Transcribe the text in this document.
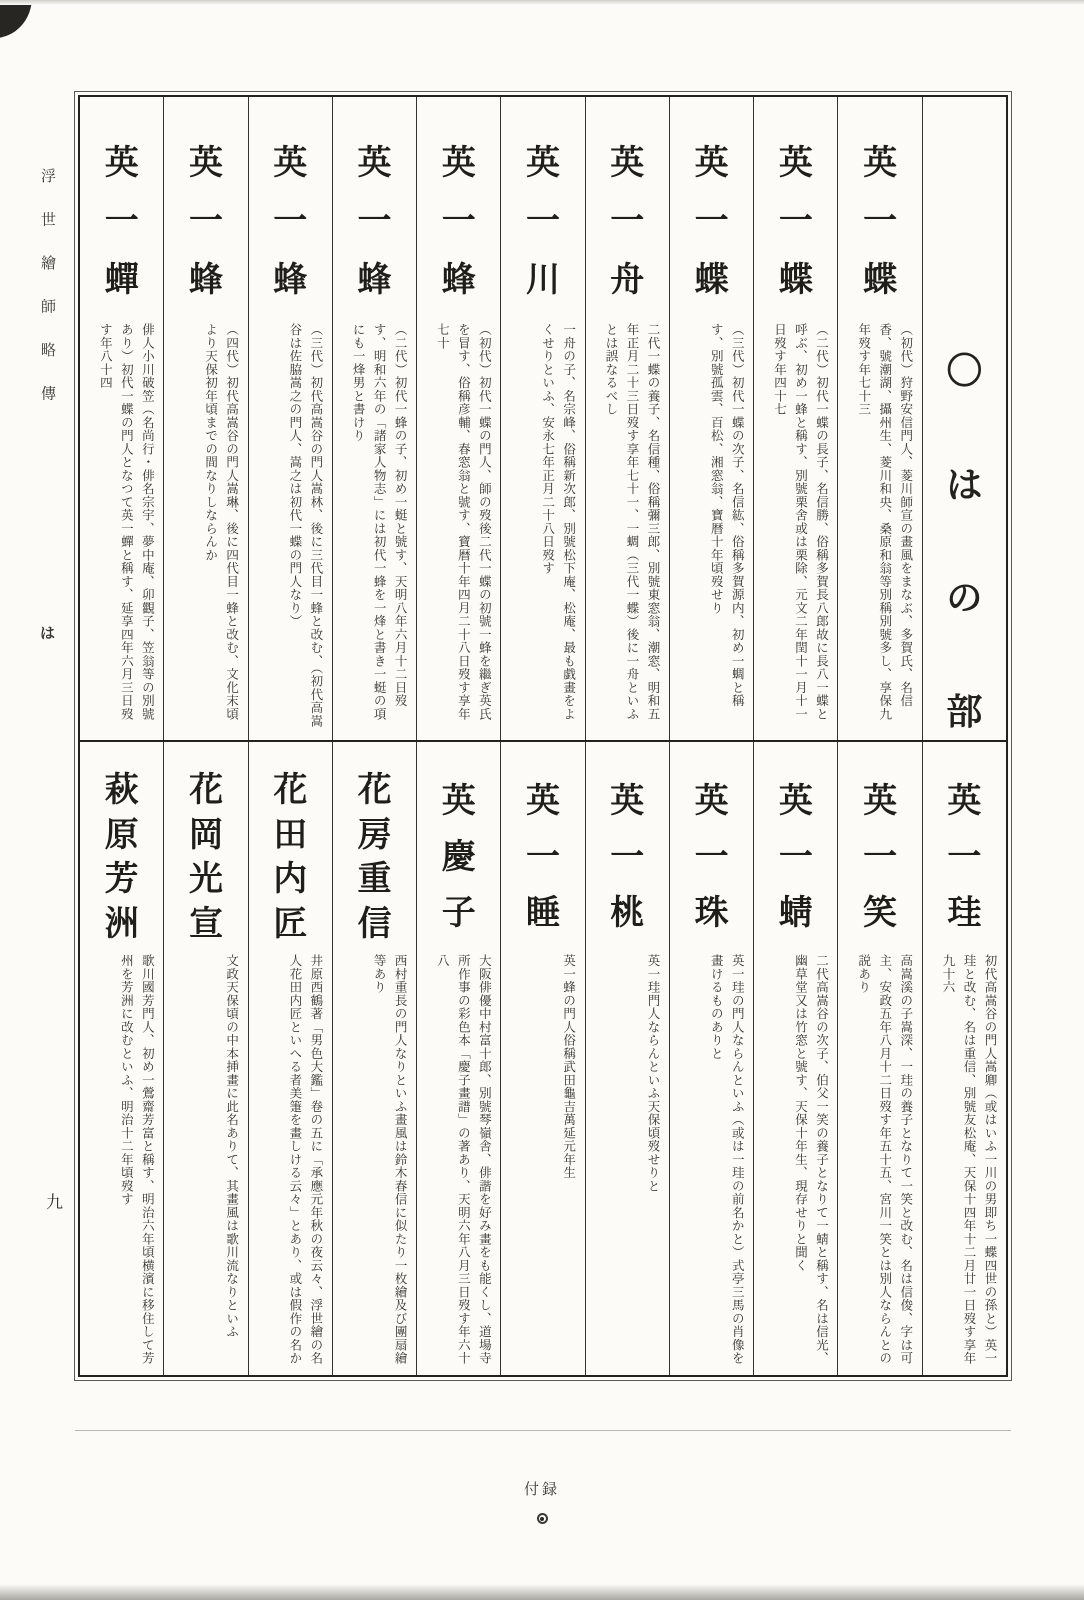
浮世繪師略傳
は
九
〇
は
の
部
英
一
蝶
（初代）狩野安信門人、菱川師宣の畫風をまなぶ、多賀氏、名信香、號潮湖、攝州生、菱川和央、桑原和翁等別稱別號多し、享保九年歿す年七十三
英
一
蝶
（二代）初代一蝶の長子、名信勝、俗稱多賀長八郎故に長八一蝶と呼ぶ、初め一蜂と稱す、別號栗舍或は栗除、元文二年閏十一月十一日歿す年四十七
英
一
蝶
（三代）初代一蝶の次子、名信紘、俗稱多賀源内、初め一蜩と稱す、別號孤雲、百松、湘窓翁、寶暦十年頃歿せり
英
一
舟
二代一蝶の養子、名信種、俗稱彌三郎、別號東窓翁、潮窓、明和五年正月二十三日歿す享年七十一、一蜩（三代一蝶）後に一舟といふとは誤なるべし
英
一
川
一舟の子、名宗峰、俗稱新次郎、別號松下庵、松庵、最も戯畫をよくせりといふ、安永七年正月二十八日歿す
英
一
蜂
（初代）初代一蝶の門人、師の歿後二代一蝶の初號一蜂を繼ぎ英氏を冒す、俗稱彦輔、春窓翁と號す、寶暦十年四月二十八日歿す享年七十
英
一
蜂
（二代）初代一蜂の子、初め一蜓と號す、天明八年六月十二日歿す、明和六年の「諸家人物志」には初代一蜂を一烽と書き一蜓の項にも一烽男と書けり
英
一
蜂
（三代）初代高嵩谷の門人嵩林、後に三代目一蜂と改む、（初代高嵩谷は佐脇嵩之の門人、嵩之は初代一蝶の門人なり）
英
一
蜂
（四代）初代高嵩谷の門人嵩琳、後に四代目一蜂と改む、文化末頃より天保初年頃までの間なりしならんか
英
一
蟬
俳人小川破笠（名尚行・俳名宗宇、夢中庵、卯觀子、笠翁等の別號あり）初代一蝶の門人となつて英一蟬と稱す、延享四年六月三日歿す年八十四
英
一
珪
初代高嵩谷の門人嵩卿（或はいふ一川の男即ち一蝶四世の孫と）英一珪と改む、名は重信、別號友松庵、天保十四年十二月廿一日歿す享年九十六
英
一
笑
高嵩溪の子嵩深、一珪の養子となりて一笑と改む、名は信俊、字は可主、安政五年八月十二日歿す年五十五、宮川一笑とは別人ならんとの説あり
英
一
蜻
二代高嵩谷の次子、伯父一笑の養子となりて一蜻と稱す、名は信光、幽草堂又は竹窓と號す、天保十年生、現存せりと聞く
英
一
珠
英一珪の門人ならんといふ（或は一珪の前名かと）式亭三馬の肖像を畫けるものありと
英
一
桃
英一珪門人ならんといふ天保頃歿せりと
英
一
睡
英一蜂の門人俗稱武田龜吉萬延元年生
英
慶
子
大阪俳優中村富十郎、別號琴嶺舎、俳諧を好み畫をも能くし、道場寺所作事の彩色本「慶子畫譜」の著あり、天明六年八月三日歿す年六十八
花
房
重
信
西村重長の門人なりといふ畫風は鈴木春信に似たり一枚繪及び團扇繪等あり
花
田
内
匠
井原西鶴著「男色大鑑」卷の五に「承應元年秋の夜云々、浮世繪の名人花田内匠といへる者美箑を畫しける云々」とあり、或は假作の名か
花
岡
光
宣
文政天保頃の中本挿畫に此名ありて、其畫風は歌川流なりといふ
萩
原
芳
洲
歌川國芳門人、初め一鶯齋芳富と稱す、明治六年頃横濱に移住して芳州を芳洲に改むといふ、明治十二年頃歿す
付録
